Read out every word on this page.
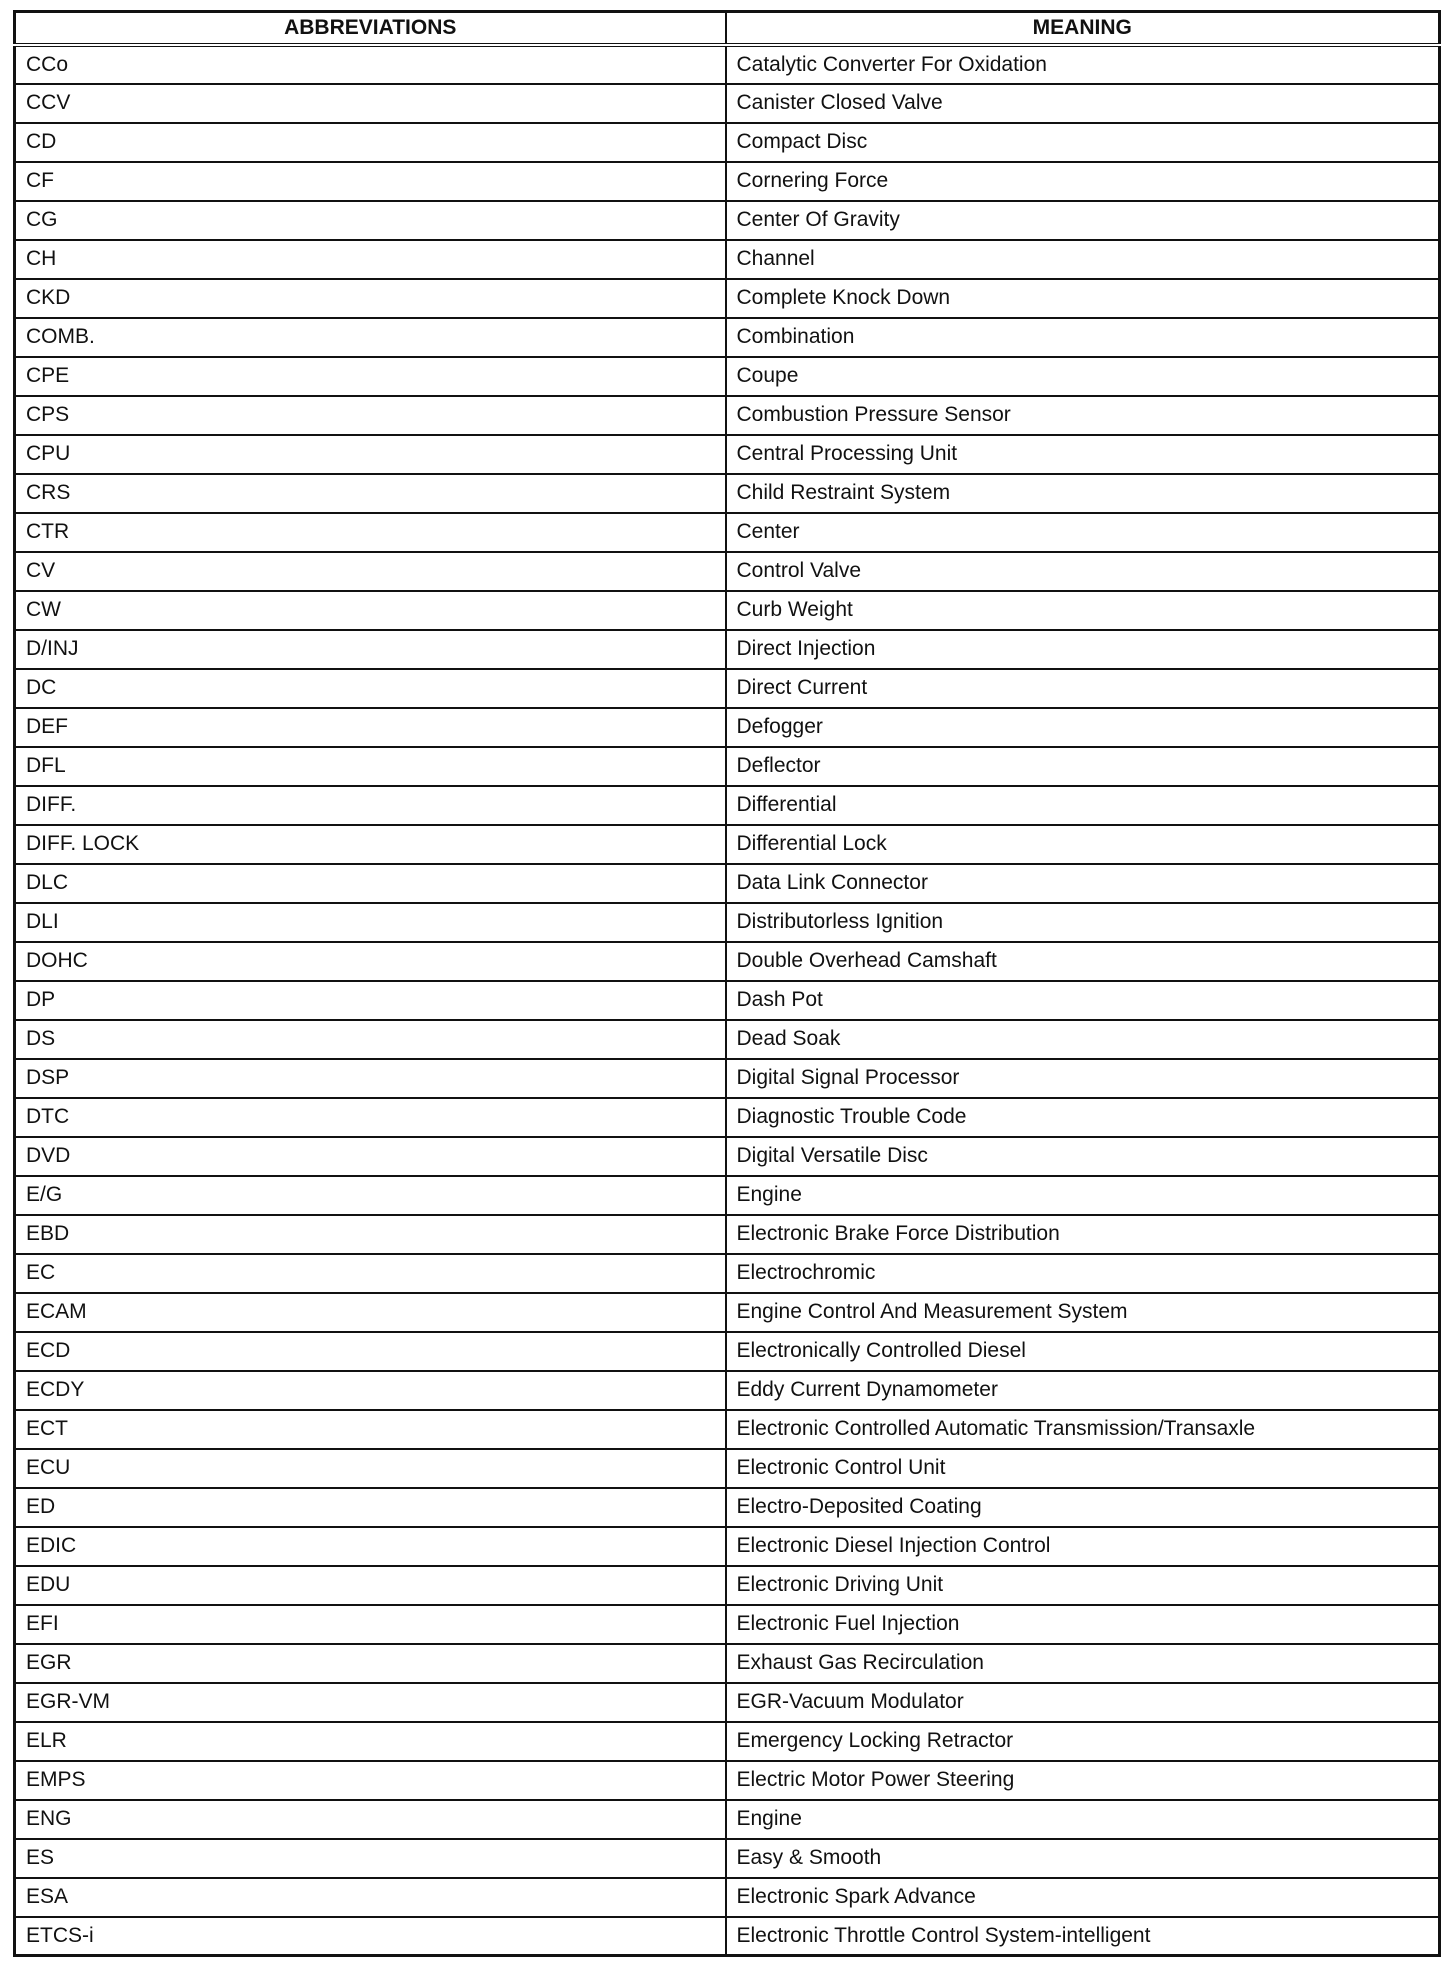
ABBREVIATIONS	MEANING
CCo	Catalytic Converter For Oxidation
CCV	Canister Closed Valve
CD	Compact Disc
CF	Cornering Force
CG	Center Of Gravity
CH	Channel
CKD	Complete Knock Down
COMB.	Combination
CPE	Coupe
CPS	Combustion Pressure Sensor
CPU	Central Processing Unit
CRS	Child Restraint System
CTR	Center
CV	Control Valve
CW	Curb Weight
D/INJ	Direct Injection
DC	Direct Current
DEF	Defogger
DFL	Deflector
DIFF.	Differential
DIFF. LOCK	Differential Lock
DLC	Data Link Connector
DLI	Distributorless Ignition
DOHC	Double Overhead Camshaft
DP	Dash Pot
DS	Dead Soak
DSP	Digital Signal Processor
DTC	Diagnostic Trouble Code
DVD	Digital Versatile Disc
E/G	Engine
EBD	Electronic Brake Force Distribution
EC	Electrochromic
ECAM	Engine Control And Measurement System
ECD	Electronically Controlled Diesel
ECDY	Eddy Current Dynamometer
ECT	Electronic Controlled Automatic Transmission/Transaxle
ECU	Electronic Control Unit
ED	Electro-Deposited Coating
EDIC	Electronic Diesel Injection Control
EDU	Electronic Driving Unit
EFI	Electronic Fuel Injection
EGR	Exhaust Gas Recirculation
EGR-VM	EGR-Vacuum Modulator
ELR	Emergency Locking Retractor
EMPS	Electric Motor Power Steering
ENG	Engine
ES	Easy & Smooth
ESA	Electronic Spark Advance
ETCS-i	Electronic Throttle Control System-intelligent
